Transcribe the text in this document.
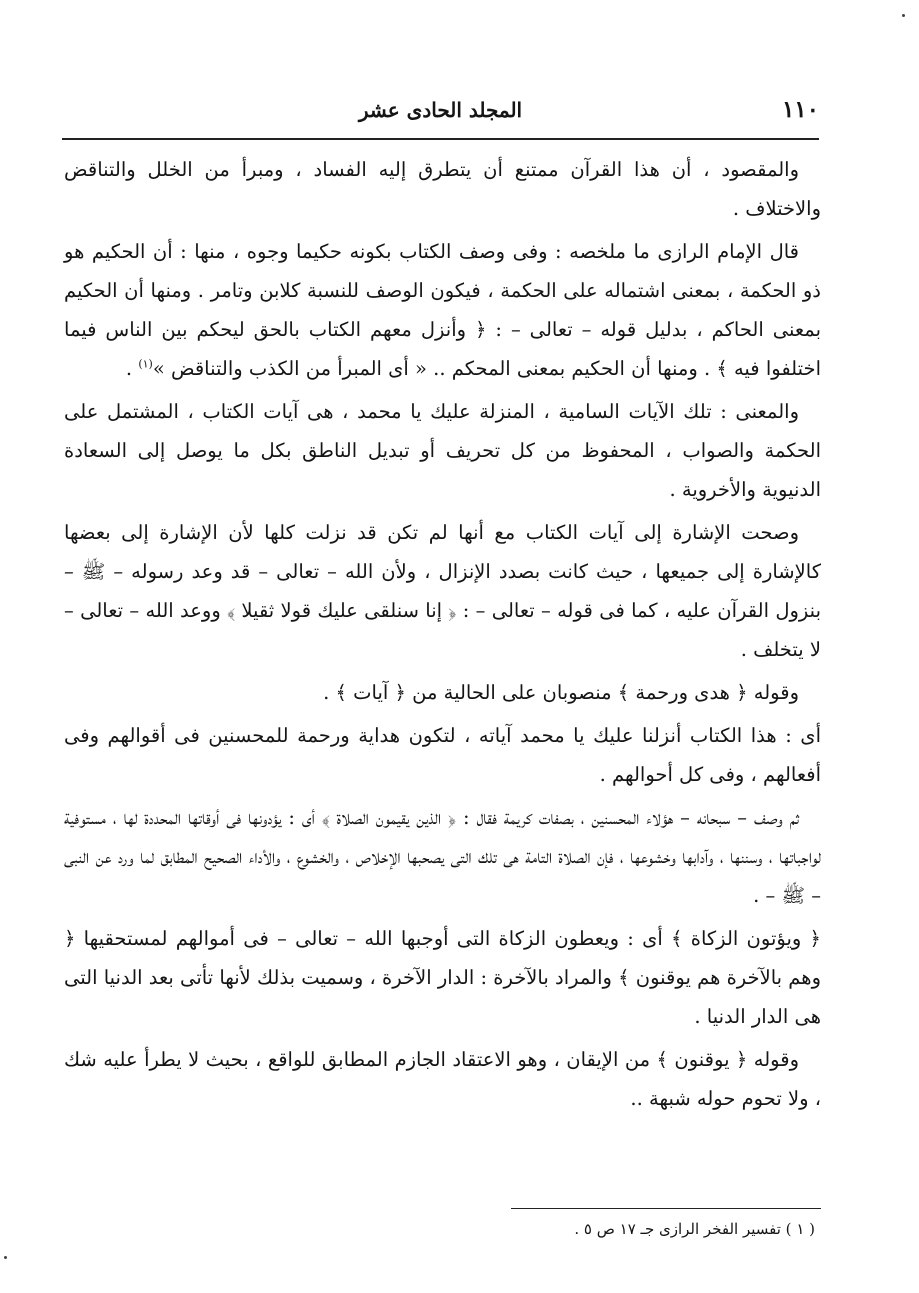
١١٠
المجلد الحادى عشر

والمقصود ، أن هذا القرآن ممتنع أن يتطرق إليه الفساد ، ومبرأ من الخلل والتناقض والاختلاف .

قال الإمام الرازى ما ملخصه : وفى وصف الكتاب بكونه حكيما وجوه ، منها : أن الحكيم هو ذو الحكمة ، بمعنى اشتماله على الحكمة ، فيكون الوصف للنسبة كلابن وتامر . ومنها أن الحكيم بمعنى الحاكم ، بدليل قوله – تعالى – : ﴿ وأنزل معهم الكتاب بالحق ليحكم بين الناس فيما اختلفوا فيه ﴾ . ومنها أن الحكيم بمعنى المحكم .. « أى المبرأ من الكذب والتناقض »$^{(١)}$ .

والمعنى : تلك الآيات السامية ، المنزلة عليك يا محمد ، هى آيات الكتاب ، المشتمل على الحكمة والصواب ، المحفوظ من كل تحريف أو تبديل الناطق بكل ما يوصل إلى السعادة الدنيوية والأخروية .

وصحت الإشارة إلى آيات الكتاب مع أنها لم تكن قد نزلت كلها لأن الإشارة إلى بعضها كالإشارة إلى جميعها ، حيث كانت بصدد الإنزال ، ولأن الله – تعالى – قد وعد رسوله – ﷺ – بنزول القرآن عليه ، كما فى قوله – تعالى – : ﴿ إنا سنلقى عليك قولا ثقيلا ﴾ ووعد الله – تعالى – لا يتخلف .

وقوله ﴿ هدى ورحمة ﴾ منصوبان على الحالية من ﴿ آيات ﴾ .

أى : هذا الكتاب أنزلنا عليك يا محمد آياته ، لتكون هداية ورحمة للمحسنين فى أقوالهم وفى أفعالهم ، وفى كل أحوالهم .

ثم وصف – سبحانه – هؤلاء المحسنين ، بصفات كريمة فقال : ﴿ الذين يقيمون الصلاة ﴾ أى : يؤدونها فى أوقاتها المحددة لها ، مستوفية لواجباتها ، وسننها ، وآدابها وخشوعها ، فإن الصلاة التامة هى تلك التى يصحبها الإخلاص ، والخشوع ، والأداء الصحيح المطابق لما ورد عن النبى – ﷺ – .

﴿ ويؤتون الزكاة ﴾ أى : ويعطون الزكاة التى أوجبها الله – تعالى – فى أموالهم لمستحقيها ﴿ وهم بالآخرة هم يوقنون ﴾ والمراد بالآخرة : الدار الآخرة ، وسميت بذلك لأنها تأتى بعد الدنيا التى هى الدار الدنيا .

وقوله ﴿ يوقنون ﴾ من الإيقان ، وهو الاعتقاد الجازم المطابق للواقع ، بحيث لا يطرأ عليه شك ، ولا تحوم حوله شبهة ..

( ١ ) تفسير الفخر الرازى جـ ١٧ ص ٥ .
